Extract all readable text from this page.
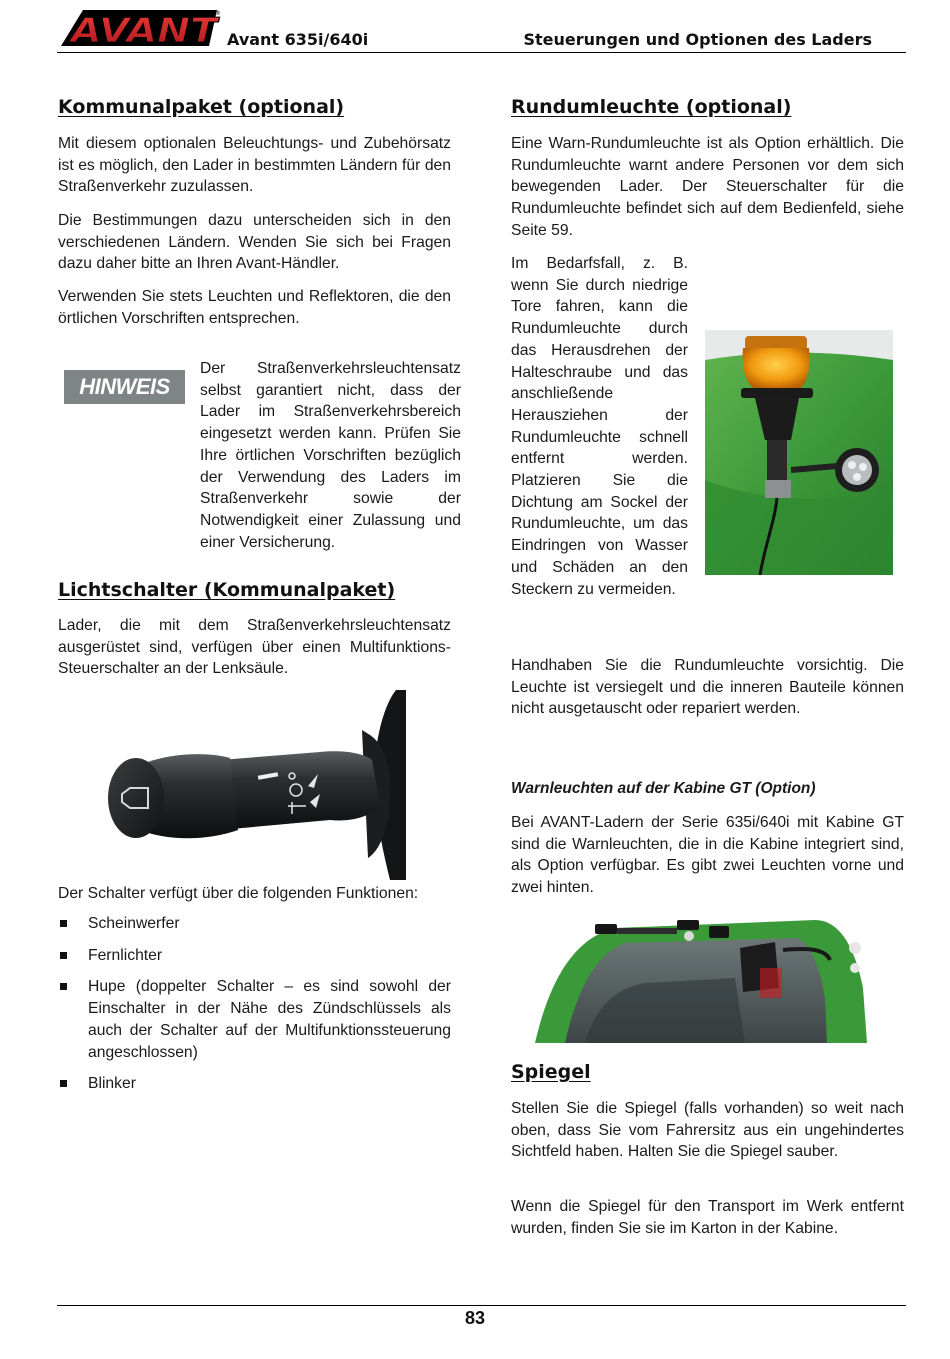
AVANT
®
Avant 635i/640i	Steuerungen und Optionen des Laders
Kommunalpaket (optional)

Mit diesem optionalen Beleuchtungs- und Zubehörsatz ist es möglich, den Lader in bestimmten Ländern für den Straßenverkehr zuzulassen.

Die Bestimmungen dazu unterscheiden sich in den verschiedenen Ländern. Wenden Sie sich bei Fragen dazu daher bitte an Ihren Avant-Händler.

Verwenden Sie stets Leuchten und Reflektoren, die den örtlichen Vorschriften entsprechen.

HINWEIS

Der Straßenverkehrsleuchtensatz selbst garantiert nicht, dass der Lader im Straßenverkehrsbereich eingesetzt werden kann. Prüfen Sie Ihre örtlichen Vorschriften bezüglich der Verwendung des Laders im Straßenverkehr sowie der Notwendigkeit einer Zulassung und einer Versicherung.

Lichtschalter (Kommunalpaket)

Lader, die mit dem Straßenverkehrsleuchtensatz ausgerüstet sind, verfügen über einen Multifunktions-Steuerschalter an der Lenksäule.

Der Schalter verfügt über die folgenden Funktionen:

Scheinwerfer
Fernlichter
Hupe (doppelter Schalter – es sind sowohl der Einschalter in der Nähe des Zündschlüssels als auch der Schalter auf der Multifunktionssteuerung angeschlossen)
Blinker
Rundumleuchte (optional)

Eine Warn-Rundumleuchte ist als Option erhältlich. Die Rundumleuchte warnt andere Personen vor dem sich bewegenden Lader. Der Steuerschalter für die Rundumleuchte befindet sich auf dem Bedienfeld, siehe Seite 59.

Im Bedarfsfall, z. B. wenn Sie durch niedrige Tore fahren, kann die Rundumleuchte durch das Herausdrehen der Halteschraube und das anschließende Herausziehen der Rundumleuchte schnell entfernt werden. Platzieren Sie die Dichtung am Sockel der Rundumleuchte, um das Eindringen von Wasser und Schäden an den Steckern zu vermeiden.

Handhaben Sie die Rundumleuchte vorsichtig. Die Leuchte ist versiegelt und die inneren Bauteile können nicht ausgetauscht oder repariert werden.

Warnleuchten auf der Kabine GT (Option)

Bei AVANT-Ladern der Serie 635i/640i mit Kabine GT sind die Warnleuchten, die in die Kabine integriert sind, als Option verfügbar. Es gibt zwei Leuchten vorne und zwei hinten.

Spiegel

Stellen Sie die Spiegel (falls vorhanden) so weit nach oben, dass Sie vom Fahrersitz aus ein ungehindertes Sichtfeld haben. Halten Sie die Spiegel sauber.

Wenn die Spiegel für den Transport im Werk entfernt wurden, finden Sie sie im Karton in der Kabine.

83
